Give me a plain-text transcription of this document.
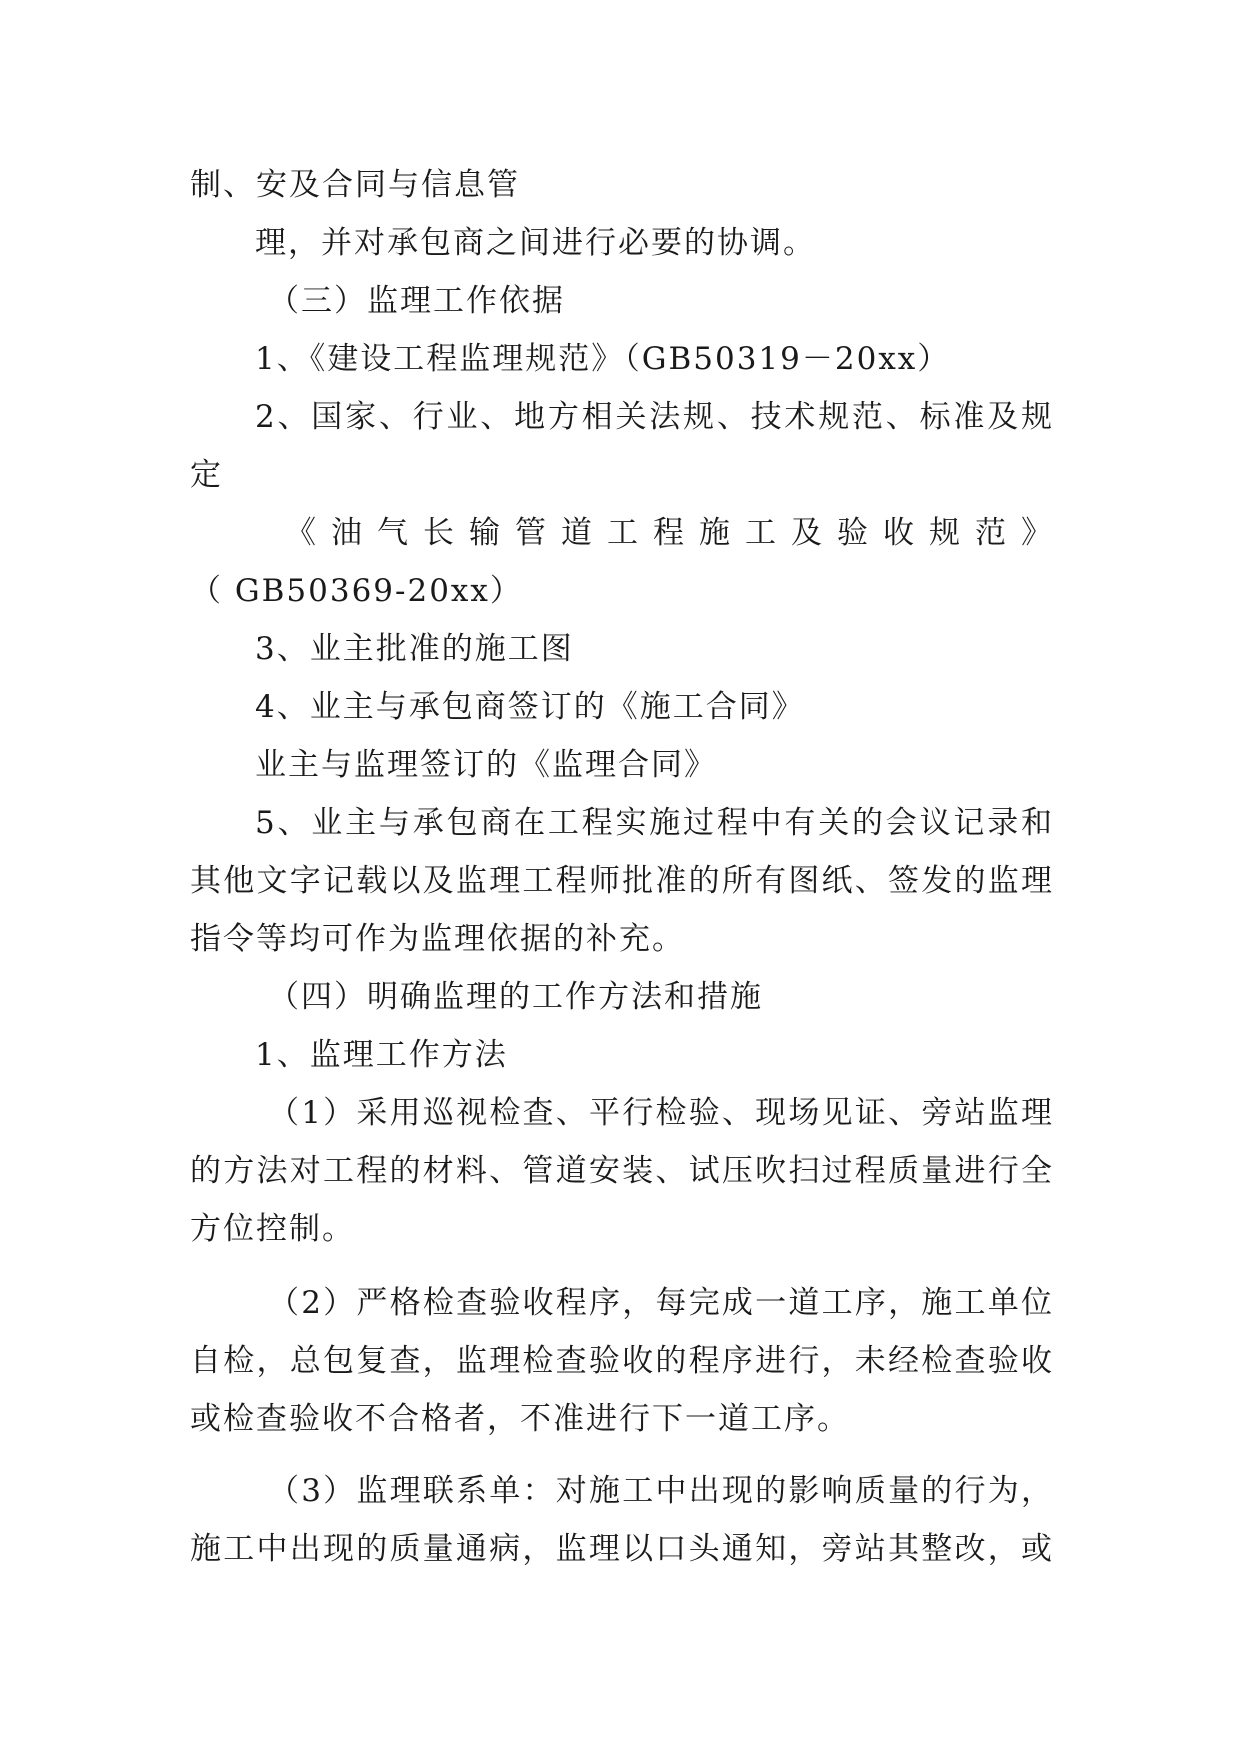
制、安及合同与信息管
理，并对承包商之间进行必要的协调。
（三）监理工作依据
1、《建设工程监理规范》（GB50319－20xx）
2、国家、行业、地方相关法规、技术规范、标准及规
定
《油气长输管道工程施工及验收规范》
（ GB50369-20xx）
3、业主批准的施工图
4、业主与承包商签订的《施工合同》
业主与监理签订的《监理合同》
5、业主与承包商在工程实施过程中有关的会议记录和
其他文字记载以及监理工程师批准的所有图纸、签发的监理
指令等均可作为监理依据的补充。
（四）明确监理的工作方法和措施
1、监理工作方法
（1）采用巡视检查、平行检验、现场见证、旁站监理
的方法对工程的材料、管道安装、试压吹扫过程质量进行全
方位控制。
（2）严格检查验收程序，每完成一道工序，施工单位
自检，总包复查，监理检查验收的程序进行，未经检查验收
或检查验收不合格者，不准进行下一道工序。
（3）监理联系单：对施工中出现的影响质量的行为，
施工中出现的质量通病，监理以口头通知，旁站其整改，或
